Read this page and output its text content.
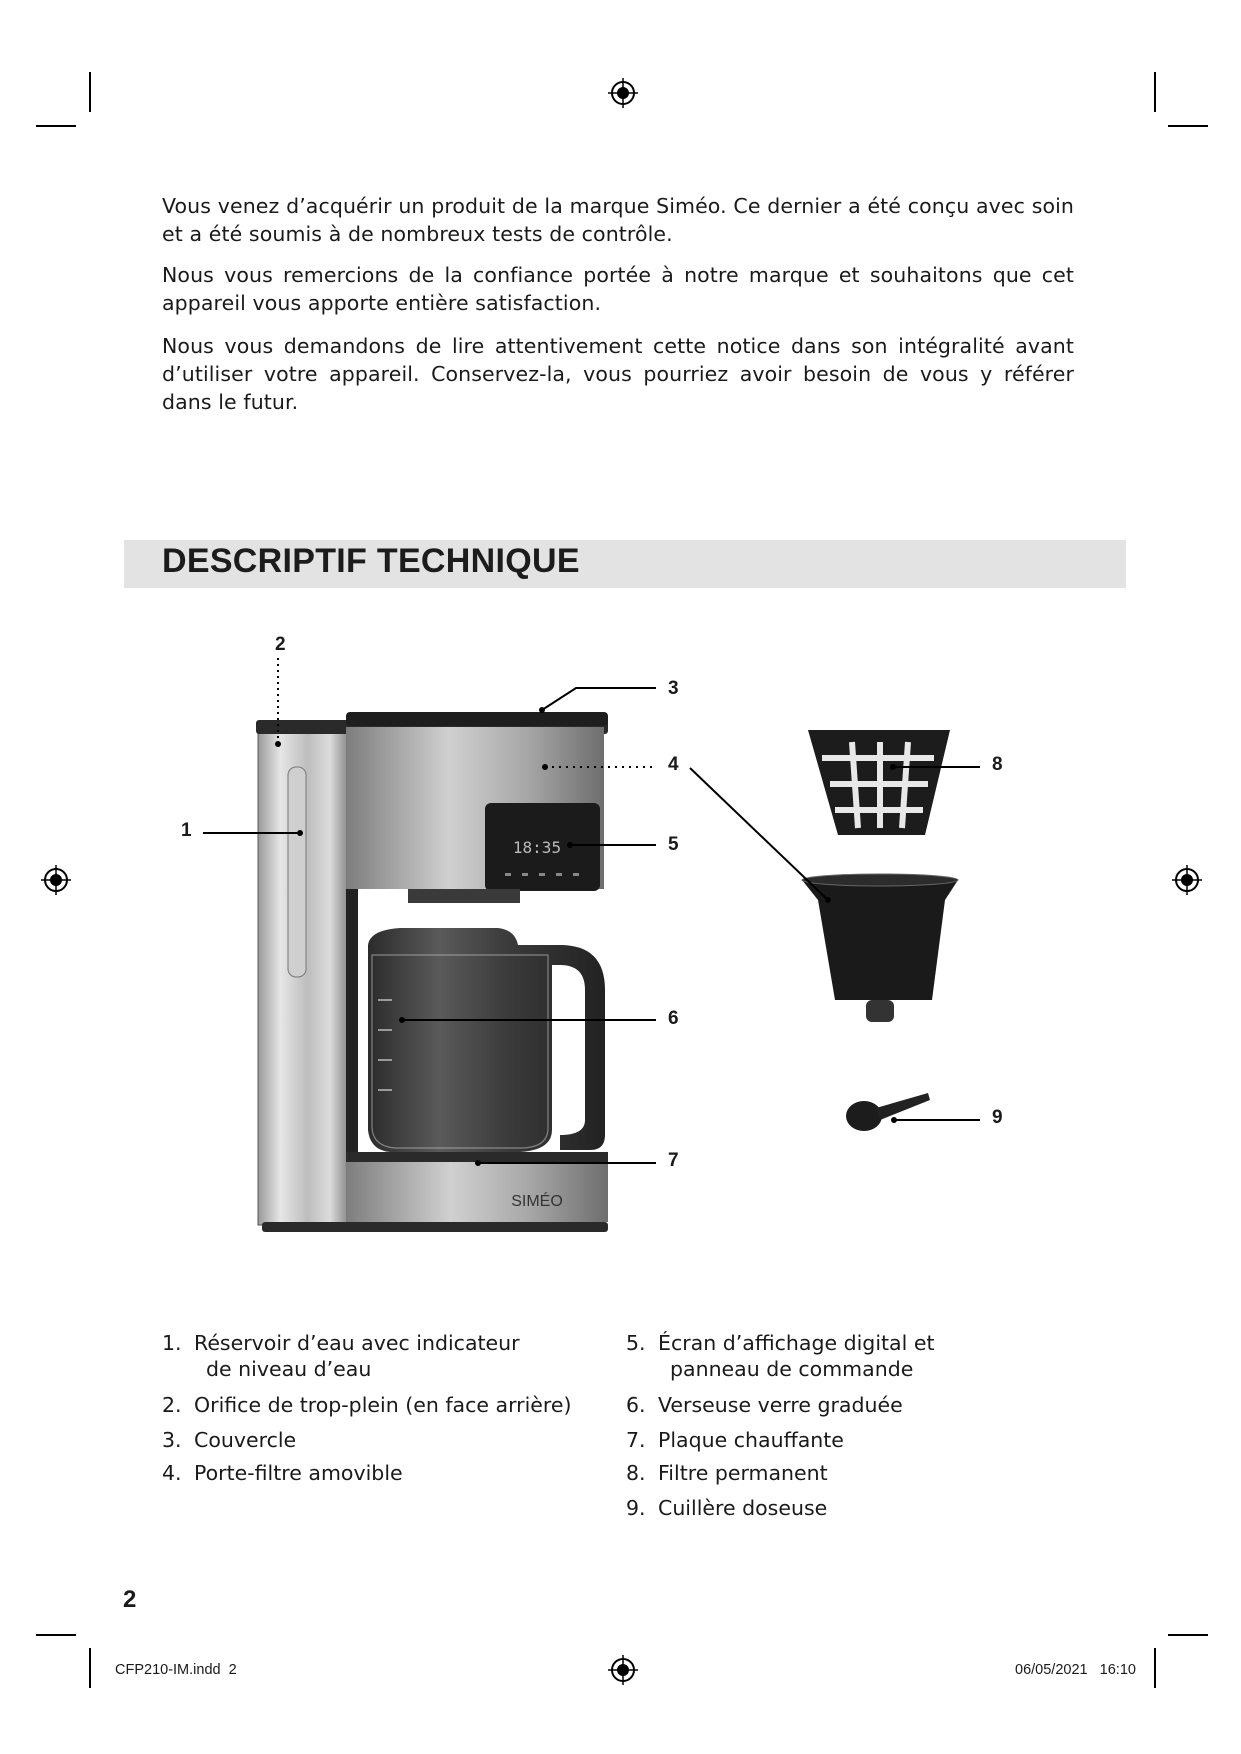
Vous venez d’acquérir un produit de la marque Siméo. Ce dernier a été conçu avec soin et a été soumis à de nombreux tests de contrôle.

Nous vous remercions de la confiance portée à notre marque et souhaitons que cet appareil vous apporte entière satisfaction.

Nous vous demandons de lire attentivement cette notice dans son intégralité avant d’utiliser votre appareil. Conservez-la, vous pourriez avoir besoin de vous y référer dans le futur.

DESCRIPTIF TECHNIQUE
18:35
SIMÉO
1
2
3
4
5
6
7
8
9
1. Réservoir d’eau avec indicateur
de niveau d’eau
2. Orifice de trop-plein (en face arrière)
3. Couvercle
4. Porte-filtre amovible
5. Écran d’affichage digital et
panneau de commande
6. Verseuse verre graduée
7. Plaque chauffante
8. Filtre permanent
9. Cuillère doseuse
2
CFP210-IM.indd 2	06/05/2021 16:10
